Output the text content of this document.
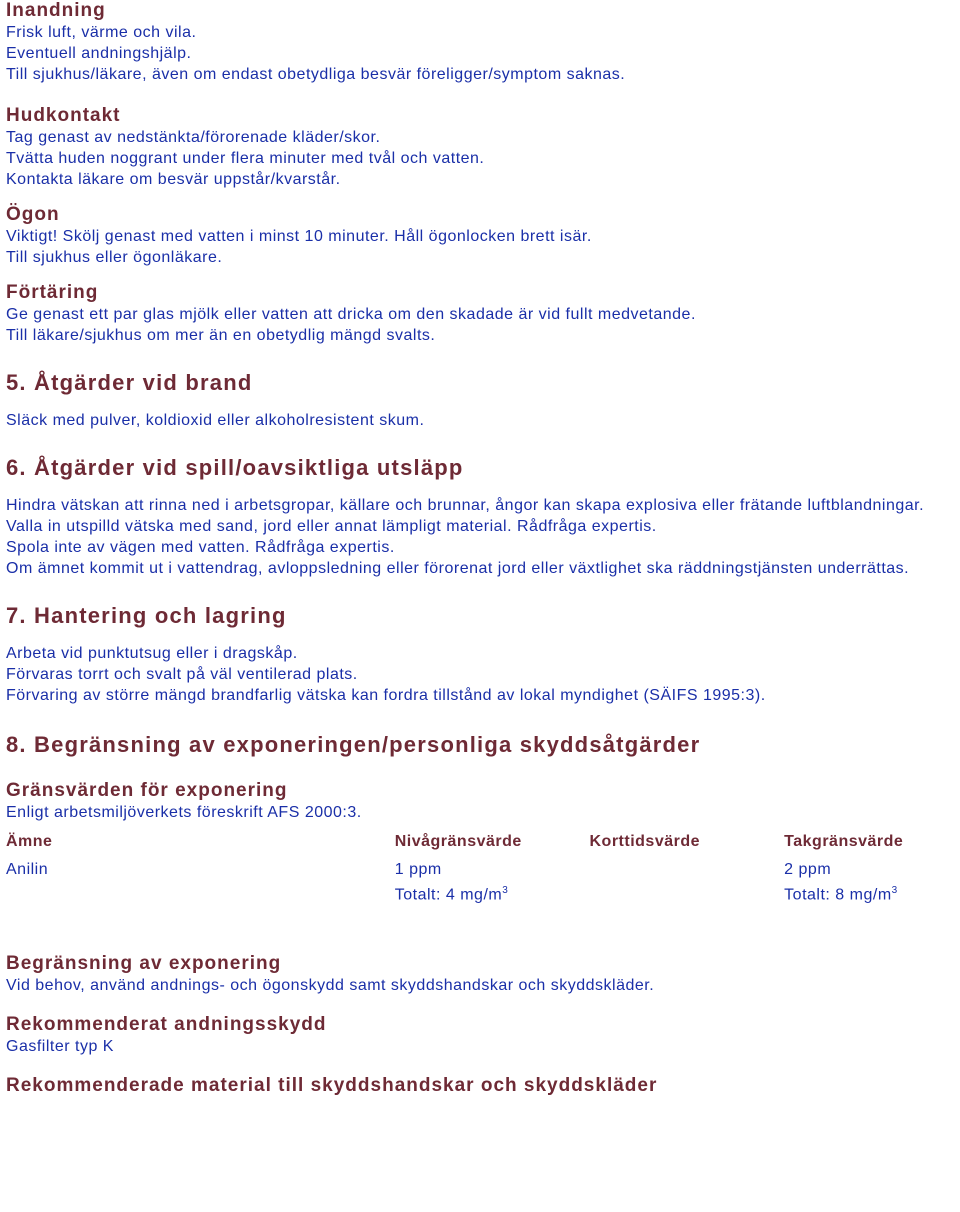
Inandning

Frisk luft, värme och vila.

Eventuell andningshjälp.

Till sjukhus/läkare, även om endast obetydliga besvär föreligger/symptom saknas.

Hudkontakt

Tag genast av nedstänkta/förorenade kläder/skor.

Tvätta huden noggrant under flera minuter med tvål och vatten.

Kontakta läkare om besvär uppstår/kvarstår.

Ögon

Viktigt! Skölj genast med vatten i minst 10 minuter. Håll ögonlocken brett isär.

Till sjukhus eller ögonläkare.

Förtäring

Ge genast ett par glas mjölk eller vatten att dricka om den skadade är vid fullt medvetande.

Till läkare/sjukhus om mer än en obetydlig mängd svalts.

5. Åtgärder vid brand

Släck med pulver, koldioxid eller alkoholresistent skum.

6. Åtgärder vid spill/oavsiktliga utsläpp

Hindra vätskan att rinna ned i arbetsgropar, källare och brunnar, ångor kan skapa explosiva eller frätande luftblandningar.

Valla in utspilld vätska med sand, jord eller annat lämpligt material. Rådfråga expertis.

Spola inte av vägen med vatten. Rådfråga expertis.

Om ämnet kommit ut i vattendrag, avloppsledning eller förorenat jord eller växtlighet ska räddningstjänsten underrättas.

7. Hantering och lagring

Arbeta vid punktutsug eller i dragskåp.

Förvaras torrt och svalt på väl ventilerad plats.

Förvaring av större mängd brandfarlig vätska kan fordra tillstånd av lokal myndighet (SÄIFS 1995:3).

8. Begränsning av exponeringen/personliga skyddsåtgärder
Gränsvärden för exponering

Enligt arbetsmiljöverkets föreskrift AFS 2000:3.

Ämne	Nivågränsvärde	Korttidsvärde	Takgränsvärde
Anilin	1 ppm		2 ppm
	Totalt: 4 $mg/m^3$		Totalt: 8 $mg/m^3$
Begränsning av exponering

Vid behov, använd andnings- och ögonskydd samt skyddshandskar och skyddskläder.

Rekommenderat andningsskydd

Gasfilter typ K

Rekommenderade material till skyddshandskar och skyddskläder
